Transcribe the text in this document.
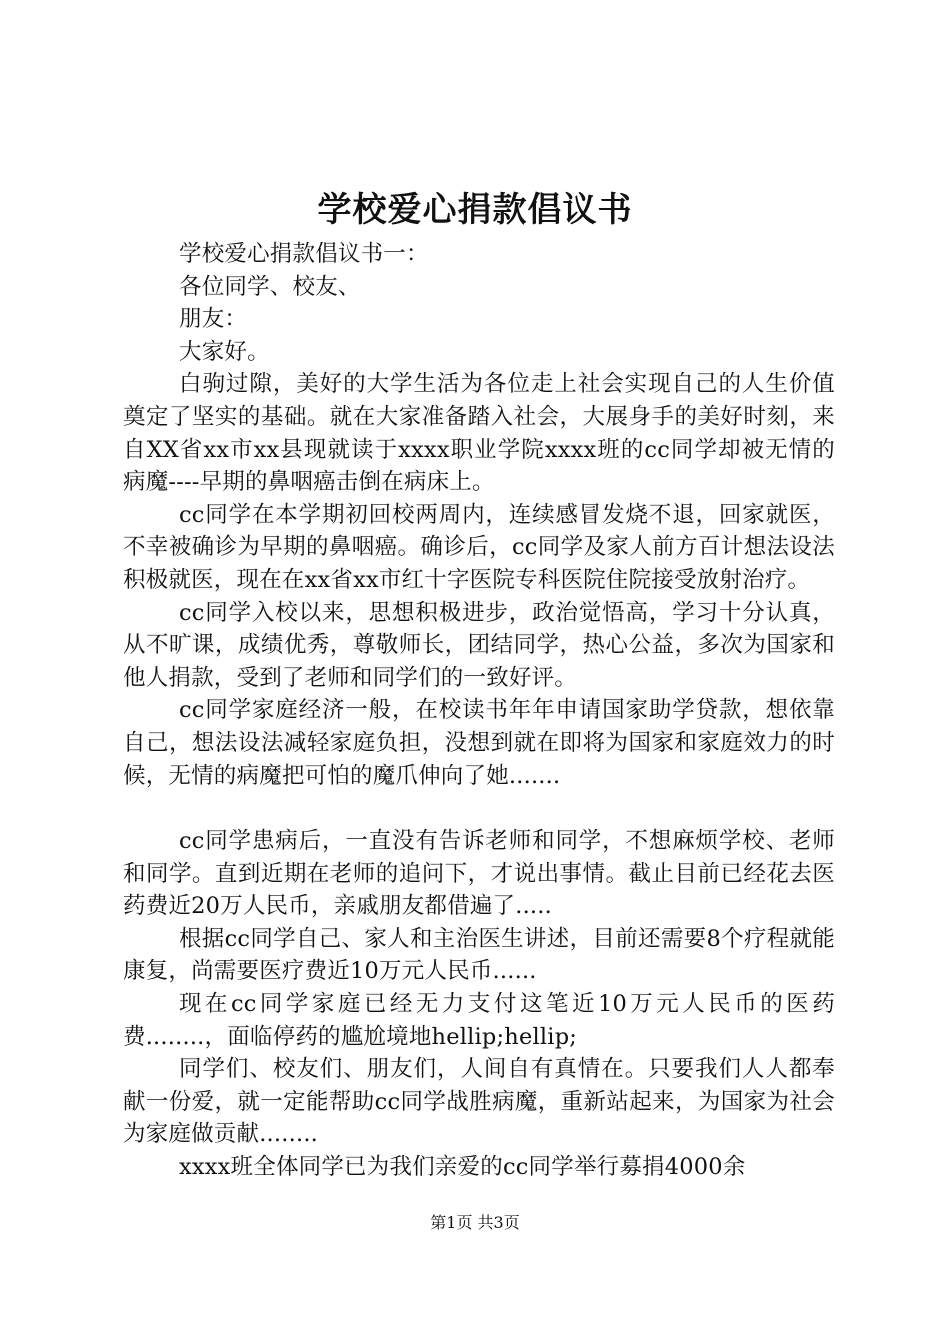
学校爱心捐款倡议书
学校爱心捐款倡议书一：
各位同学、校友、
朋友：
大家好。

白驹过隙，美好的大学生活为各位走上社会实现自己的人生价值奠定了坚实的基础。就在大家准备踏入社会，大展身手的美好时刻，来自XX省xx市xx县现就读于xxxx职业学院xxxx班的cc同学却被无情的病魔----早期的鼻咽癌击倒在病床上。

cc同学在本学期初回校两周内，连续感冒发烧不退，回家就医，不幸被确诊为早期的鼻咽癌。确诊后，cc同学及家人前方百计想法设法积极就医，现在在xx省xx市红十字医院专科医院住院接受放射治疗。

cc同学入校以来，思想积极进步，政治觉悟高，学习十分认真，从不旷课，成绩优秀，尊敬师长，团结同学，热心公益，多次为国家和他人捐款，受到了老师和同学们的一致好评。

cc同学家庭经济一般，在校读书年年申请国家助学贷款，想依靠自己，想法设法减轻家庭负担，没想到就在即将为国家和家庭效力的时候，无情的病魔把可怕的魔爪伸向了她.......

cc同学患病后，一直没有告诉老师和同学，不想麻烦学校、老师和同学。直到近期在老师的追问下，才说出事情。截止目前已经花去医药费近20万人民币，亲戚朋友都借遍了.....

根据cc同学自己、家人和主治医生讲述，目前还需要8个疗程就能康复，尚需要医疗费近10万元人民币......

现在cc同学家庭已经无力支付这笔近10万元人民币的医药费........，面临停药的尴尬境地hellip;hellip;

同学们、校友们、朋友们，人间自有真情在。只要我们人人都奉献一份爱，就一定能帮助cc同学战胜病魔，重新站起来，为国家为社会为家庭做贡献........

xxxx班全体同学已为我们亲爱的cc同学举行募捐4000余

第1页 共3页
